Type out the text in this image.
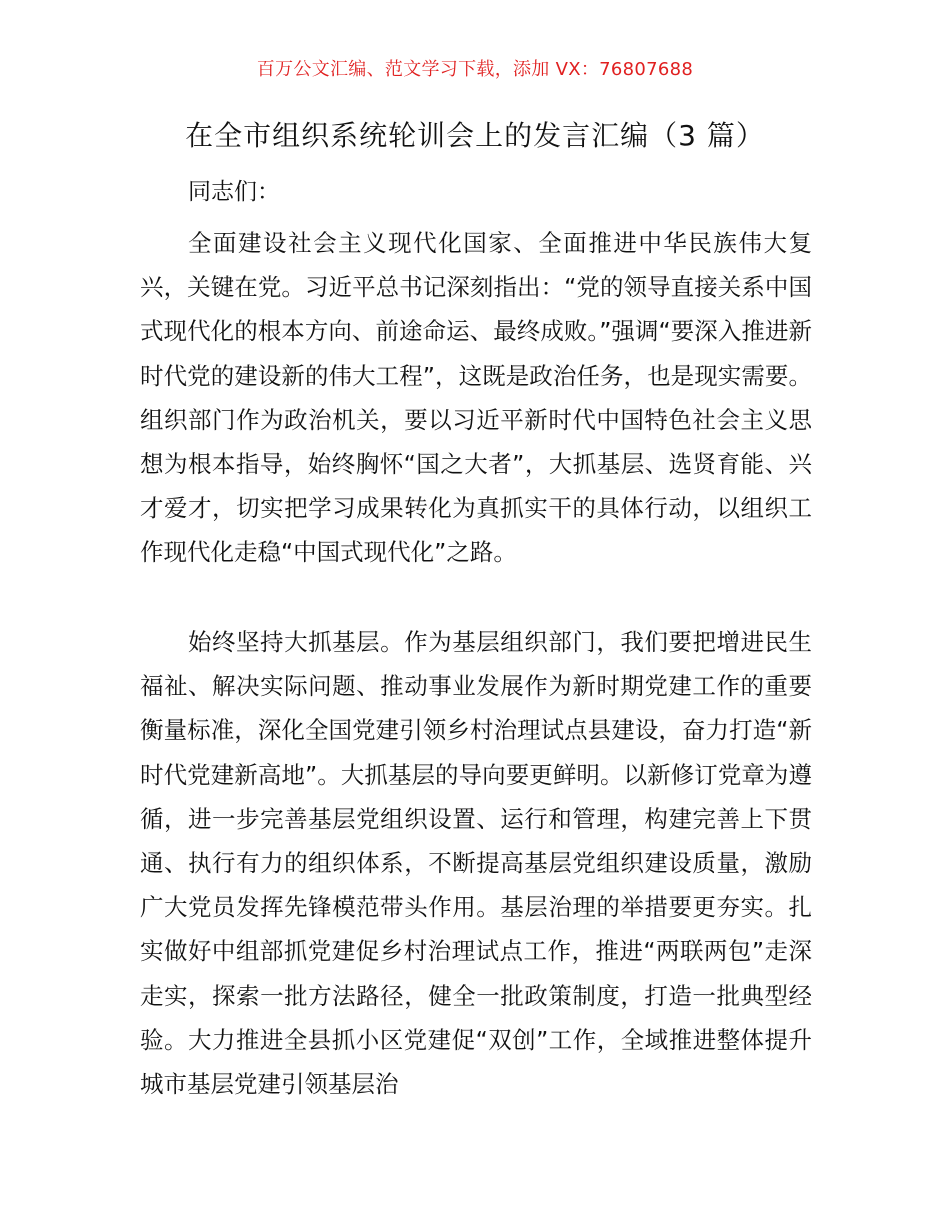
百万公文汇编、范文学习下载，添加 VX：76807688
在全市组织系统轮训会上的发言汇编（3 篇）
同志们：

全面建设社会主义现代化国家、全面推进中华民族伟大复兴，关键在党。习近平总书记深刻指出：“党的领导直接关系中国式现代化的根本方向、前途命运、最终成败。”强调“要深入推进新时代党的建设新的伟大工程”，这既是政治任务，也是现实需要。组织部门作为政治机关，要以习近平新时代中国特色社会主义思想为根本指导，始终胸怀“国之大者”，大抓基层、选贤育能、兴才爱才，切实把学习成果转化为真抓实干的具体行动，以组织工作现代化走稳“中国式现代化”之路。

始终坚持大抓基层。作为基层组织部门，我们要把增进民生福祉、解决实际问题、推动事业发展作为新时期党建工作的重要衡量标准，深化全国党建引领乡村治理试点县建设，奋力打造“新时代党建新高地”。大抓基层的导向要更鲜明。以新修订党章为遵循，进一步完善基层党组织设置、运行和管理，构建完善上下贯通、执行有力的组织体系，不断提高基层党组织建设质量，激励广大党员发挥先锋模范带头作用。基层治理的举措要更夯实。扎实做好中组部抓党建促乡村治理试点工作，推进“两联两包”走深走实，探索一批方法路径，健全一批政策制度，打造一批典型经验。大力推进全县抓小区党建促“双创”工作，全域推进整体提升城市基层党建引领基层治
